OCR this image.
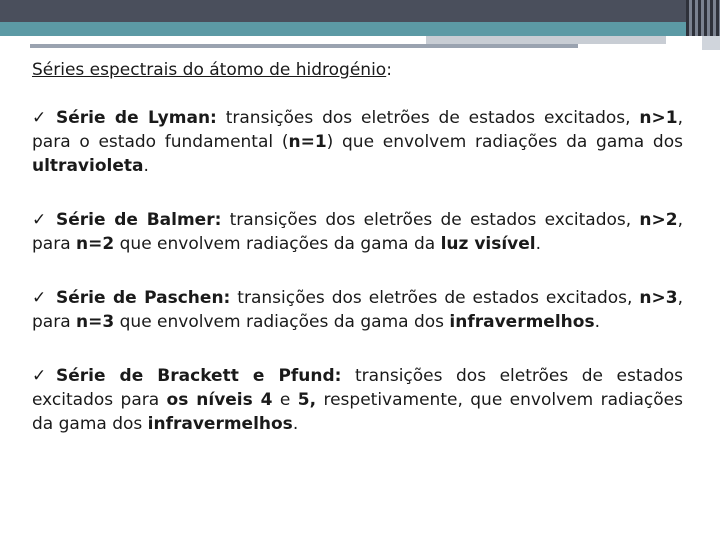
Séries espectrais do átomo de hidrogénio:
✓ Série de Lyman: transições dos eletrões de estados excitados, n>1, para o estado fundamental (n=1) que envolvem radiações da gama dos ultravioleta.
✓ Série de Balmer: transições dos eletrões de estados excitados, n>2, para n=2 que envolvem radiações da gama da luz visível.
✓ Série de Paschen: transições dos eletrões de estados excitados, n>3, para n=3 que envolvem radiações da gama dos infravermelhos.
✓ Série de Brackett e Pfund: transições dos eletrões de estados excitados para os níveis 4 e 5, respetivamente, que envolvem radiações da gama dos infravermelhos.
